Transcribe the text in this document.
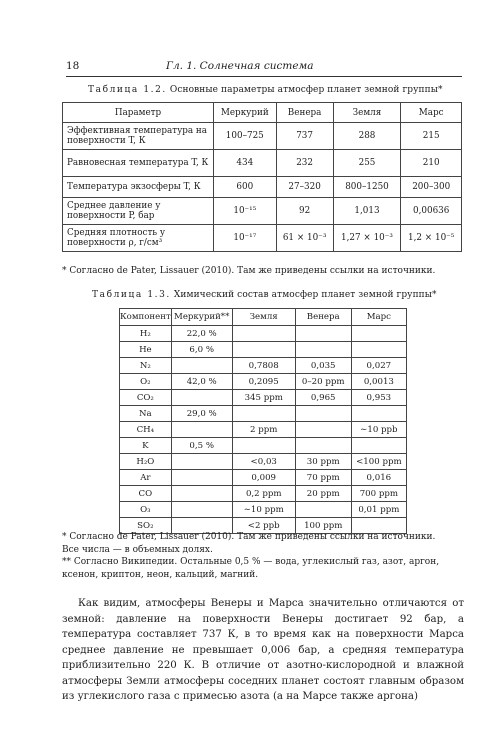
18	Гл. 1. Солнечная система
Таблица 1.2. Основные параметры атмосфер планет земной группы*
Параметр	Меркурий	Венера	Земля	Марс
Эффективная температура на поверхности T, К	100–725	737	288	215
Равновесная температура T, К	434	232	255	210
Температура экзосферы T, К	600	27–320	800–1250	200–300
Среднее давление у поверхности P, бар	10⁻¹⁵	92	1,013	0,00636
Средняя плотность у поверхности ρ, г/см³	10⁻¹⁷	61 × 10⁻³	1,27 × 10⁻³	1,2 × 10⁻⁵
* Согласно de Pater, Lissauer (2010). Там же приведены ссылки на источники.
Таблица 1.3. Химический состав атмосфер планет земной группы*
Компонент	Меркурий**	Земля	Венера	Марс
H₂	22,0 %			
He	6,0 %			
N₂		0,7808	0,035	0,027
O₂	42,0 %	0,2095	0–20 ppm	0,0013
CO₂		345 ppm	0,965	0,953
Na	29,0 %			
CH₄		2 ppm		∼10 ppb
K	0,5 %			
H₂O		<0,03	30 ppm	<100 ppm
Ar		0,009	70 ppm	0,016
CO		0,2 ppm	20 ppm	700 ppm
O₃		∼10 ppm		0,01 ppm
SO₂		<2 ppb	100 ppm	
* Согласно de Pater, Lissauer (2010). Там же приведены ссылки на источники.
Все числа — в объемных долях.
** Согласно Википедии. Остальные 0,5 % — вода, углекислый газ, азот, аргон,
ксенон, криптон, неон, кальций, магний.

Как видим, атмосферы Венеры и Марса значительно отличаются от земной: давление на поверхности Венеры достигает 92 бар, а температура составляет 737 К, в то время как на поверхности Марса среднее давление не превышает 0,006 бар, а средняя температура приблизительно 220 К. В отличие от азотно-кислородной и влажной атмосферы Земли атмосферы соседних планет состоят главным образом из углекислого газа с примесью азота (а на Марсе также аргона)
